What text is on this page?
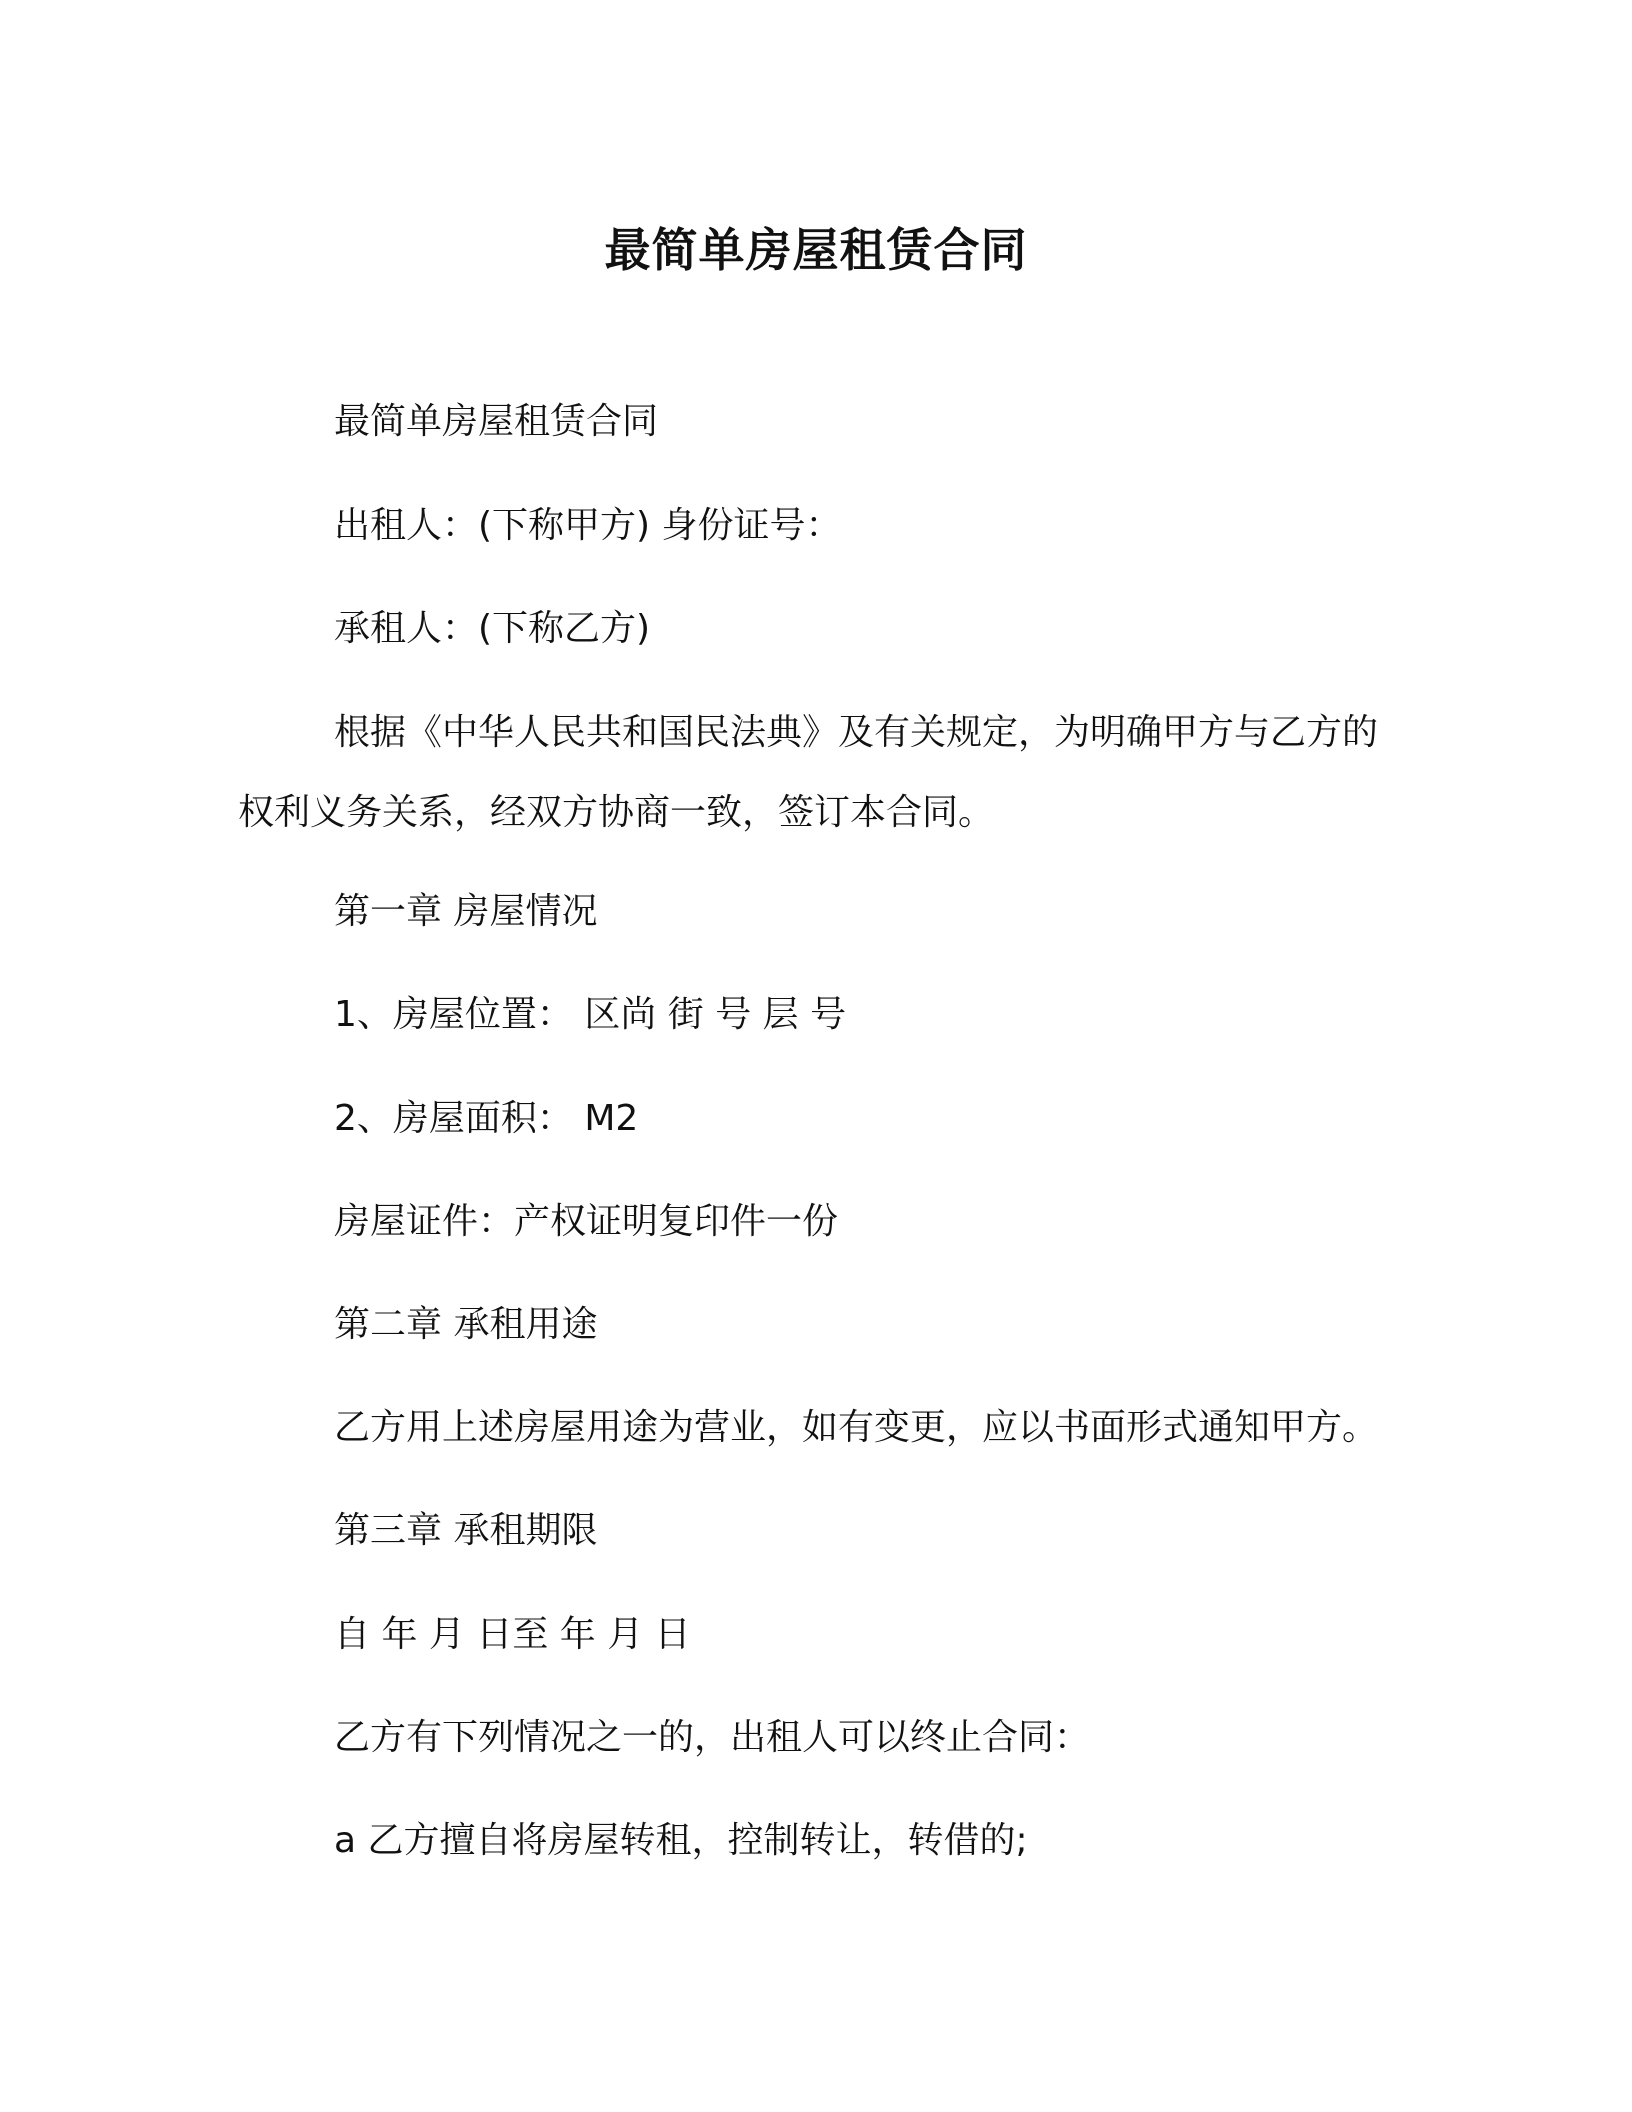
最简单房屋租赁合同

最简单房屋租赁合同

出租人：(下称甲方) 身份证号：

承租人：(下称乙方)

根据《中华人民共和国民法典》及有关规定，为明确甲方与乙方的权利义务关系，经双方协商一致，签订本合同。

第一章 房屋情况

1、房屋位置： 区尚 街 号 层 号

2、房屋面积： M2

房屋证件：产权证明复印件一份

第二章 承租用途

乙方用上述房屋用途为营业，如有变更，应以书面形式通知甲方。

第三章 承租期限

自 年 月 日至 年 月 日

乙方有下列情况之一的，出租人可以终止合同：

a 乙方擅自将房屋转租，控制转让，转借的;
